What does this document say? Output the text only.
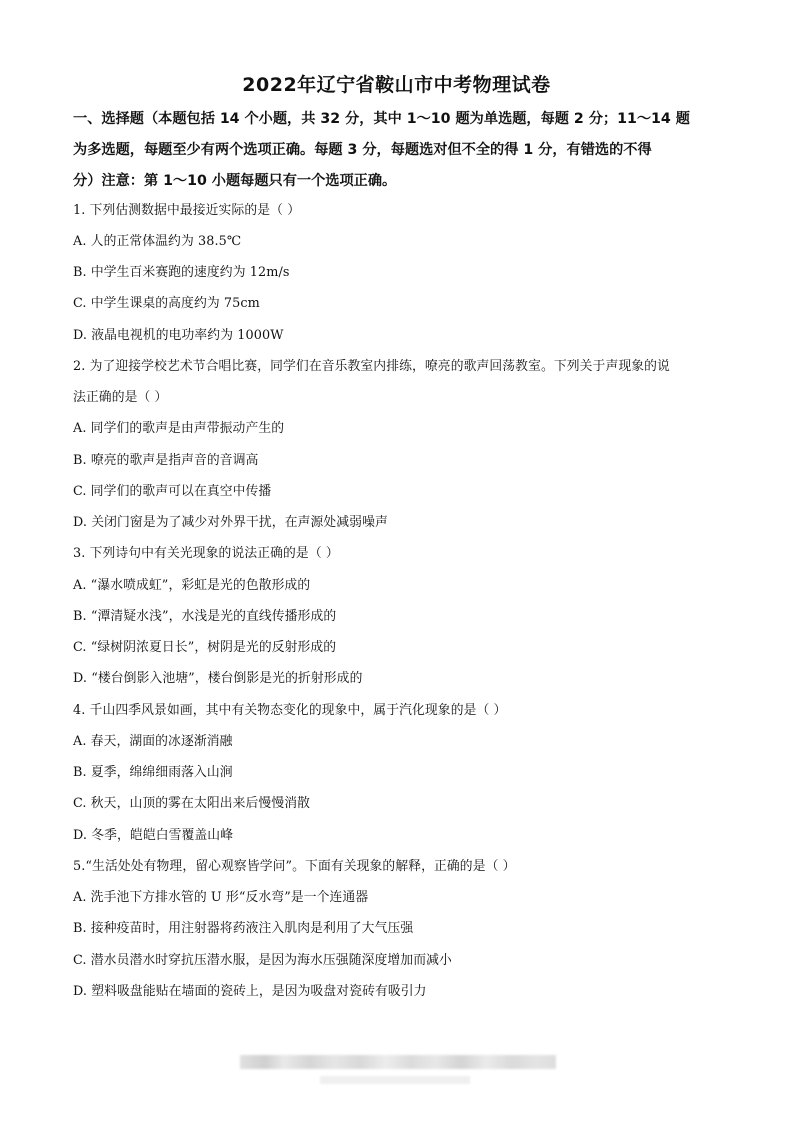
2022年辽宁省鞍山市中考物理试卷
一、选择题（本题包括 14 个小题，共 32 分，其中 1～10 题为单选题，每题 2 分；11～14 题
为多选题，每题至少有两个选项正确。每题 3 分，每题选对但不全的得 1 分，有错选的不得
分）注意：第 1～10 小题每题只有一个选项正确。
1. 下列估测数据中最接近实际的是（ ）
A. 人的正常体温约为 38.5℃
B. 中学生百米赛跑的速度约为 12m/s
C. 中学生课桌的高度约为 75cm
D. 液晶电视机的电功率约为 1000W
2. 为了迎接学校艺术节合唱比赛，同学们在音乐教室内排练，嘹亮的歌声回荡教室。下列关于声现象的说
法正确的是（ ）
A. 同学们的歌声是由声带振动产生的
B. 嘹亮的歌声是指声音的音调高
C. 同学们的歌声可以在真空中传播
D. 关闭门窗是为了减少对外界干扰，在声源处减弱噪声
3. 下列诗句中有关光现象的说法正确的是（ ）
A. “瀑水喷成虹”，彩虹是光的色散形成的
B. “潭清疑水浅”，水浅是光的直线传播形成的
C. “绿树阴浓夏日长”，树阴是光的反射形成的
D. “楼台倒影入池塘”，楼台倒影是光的折射形成的
4. 千山四季风景如画，其中有关物态变化的现象中，属于汽化现象的是（ ）
A. 春天，湖面的冰逐渐消融
B. 夏季，绵绵细雨落入山涧
C. 秋天，山顶的雾在太阳出来后慢慢消散
D. 冬季，皑皑白雪覆盖山峰
5.“生活处处有物理，留心观察皆学问”。下面有关现象的解释，正确的是（ ）
A. 洗手池下方排水管的 U 形“反水弯”是一个连通器
B. 接种疫苗时，用注射器将药液注入肌肉是利用了大气压强
C. 潜水员潜水时穿抗压潜水服，是因为海水压强随深度增加而减小
D. 塑料吸盘能贴在墙面的瓷砖上，是因为吸盘对瓷砖有吸引力
